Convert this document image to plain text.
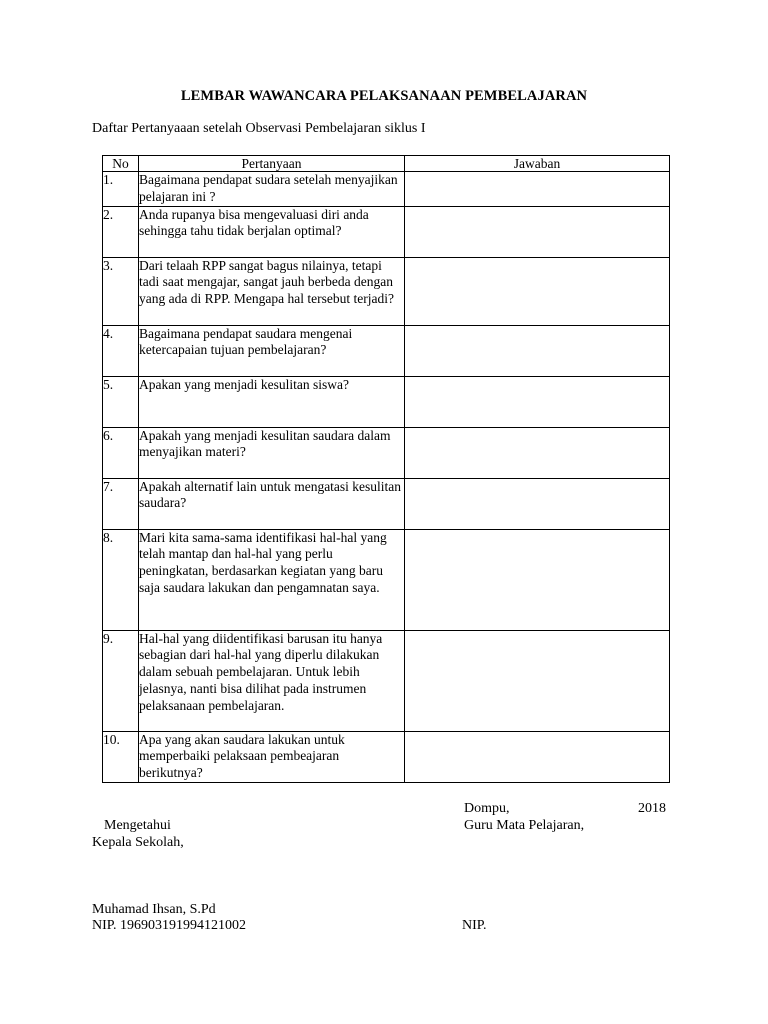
LEMBAR WAWANCARA PELAKSANAAN PEMBELAJARAN
Daftar Pertanyaaan setelah Observasi Pembelajaran siklus I
No	Pertanyaan	Jawaban
1.	Bagaimana pendapat sudara setelah menyajikan pelajaran ini ?	
2.	Anda rupanya bisa mengevaluasi diri anda sehingga tahu tidak berjalan optimal?	
3.	Dari telaah RPP sangat bagus nilainya, tetapi tadi saat mengajar, sangat jauh berbeda dengan yang ada di RPP. Mengapa hal tersebut terjadi?	
4.	Bagaimana pendapat saudara mengenai ketercapaian tujuan pembelajaran?	
5.	Apakan yang menjadi kesulitan siswa?	
6.	Apakah yang menjadi kesulitan saudara dalam menyajikan materi?	
7.	Apakah alternatif lain untuk mengatasi kesulitan saudara?	
8.	Mari kita sama-sama identifikasi hal-hal yang telah mantap dan hal-hal yang perlu peningkatan, berdasarkan kegiatan yang baru saja saudara lakukan dan pengamnatan saya.	
9.	Hal-hal yang diidentifikasi barusan itu hanya sebagian dari hal-hal yang diperlu dilakukan dalam sebuah pembelajaran. Untuk lebih jelasnya, nanti bisa dilihat pada instrumen pelaksanaan pembelajaran.	
10.	Apa yang akan saudara lakukan untuk memperbaiki pelaksaan pembeajaran berikutnya?	
Dompu,	2018
Mengetahui	Guru Mata Pelajaran,
Kepala Sekolah,
Muhamad Ihsan, S.Pd
NIP. 196903191994121002	NIP.
